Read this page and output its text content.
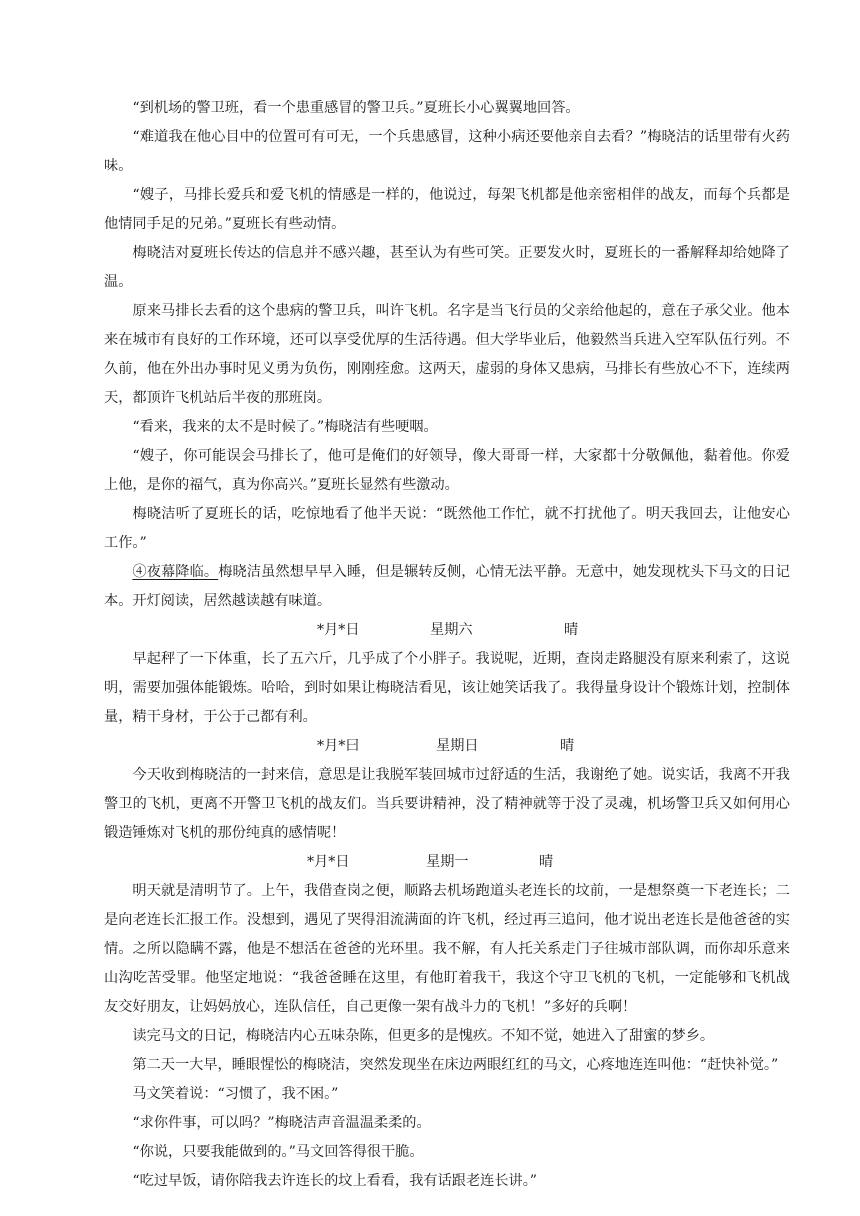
“到机场的警卫班，看一个患重感冒的警卫兵。”夏班长小心翼翼地回答。

“难道我在他心目中的位置可有可无，一个兵患感冒，这种小病还要他亲自去看？”梅晓洁的话里带有火药味。

“嫂子，马排长爱兵和爱飞机的情感是一样的，他说过，每架飞机都是他亲密相伴的战友，而每个兵都是他情同手足的兄弟。”夏班长有些动情。

梅晓洁对夏班长传达的信息并不感兴趣，甚至认为有些可笑。正要发火时，夏班长的一番解释却给她降了温。

原来马排长去看的这个患病的警卫兵，叫许飞机。名字是当飞行员的父亲给他起的，意在子承父业。他本来在城市有良好的工作环境，还可以享受优厚的生活待遇。但大学毕业后，他毅然当兵进入空军队伍行列。不久前，他在外出办事时见义勇为负伤，刚刚痊愈。这两天，虚弱的身体又患病，马排长有些放心不下，连续两天，都顶许飞机站后半夜的那班岗。

“看来，我来的太不是时候了。”梅晓洁有些哽咽。

“嫂子，你可能误会马排长了，他可是俺们的好领导，像大哥哥一样，大家都十分敬佩他，黏着他。你爱上他，是你的福气，真为你高兴。”夏班长显然有些激动。

梅晓洁听了夏班长的话，吃惊地看了他半天说：“既然他工作忙，就不打扰他了。明天我回去，让他安心工作。”

④夜幕降临。梅晓洁虽然想早早入睡，但是辗转反侧，心情无法平静。无意中，她发现枕头下马文的日记本。开灯阅读，居然越读越有味道。

*月*日	星期六	晴

早起秤了一下体重，长了五六斤，几乎成了个小胖子。我说呢，近期，查岗走路腿没有原来利索了，这说明，需要加强体能锻炼。哈哈，到时如果让梅晓洁看见，该让她笑话我了。我得量身设计个锻炼计划，控制体量，精干身材，于公于己都有利。

*月*曰	星期日	晴

今天收到梅晓洁的一封来信，意思是让我脱军装回城市过舒适的生活，我谢绝了她。说实话，我离不开我警卫的飞机，更离不开警卫飞机的战友们。当兵要讲精神，没了精神就等于没了灵魂，机场警卫兵又如何用心锻造锤炼对飞机的那份纯真的感情呢！

*月*日	星期一	晴

明天就是清明节了。上午，我借查岗之便，顺路去机场跑道头老连长的坟前，一是想祭奠一下老连长；二是向老连长汇报工作。没想到，遇见了哭得泪流满面的许飞机，经过再三追问，他才说出老连长是他爸爸的实情。之所以隐瞒不露，他是不想活在爸爸的光环里。我不解，有人托关系走门子往城市部队调，而你却乐意来山沟吃苦受罪。他坚定地说：“我爸爸睡在这里，有他盯着我干，我这个守卫飞机的飞机，一定能够和飞机战友交好朋友，让妈妈放心，连队信任，自己更像一架有战斗力的飞机！”多好的兵啊！

读完马文的日记，梅晓洁内心五味杂陈，但更多的是愧疚。不知不觉，她进入了甜蜜的梦乡。

第二天一大早，睡眼惺忪的梅晓洁，突然发现坐在床边两眼红红的马文，心疼地连连叫他：“赶快补觉。”

马文笑着说：“习惯了，我不困。”

“求你件事，可以吗？”梅晓洁声音温温柔柔的。

“你说，只要我能做到的。”马文回答得很干脆。

“吃过早饭，请你陪我去许连长的坟上看看，我有话跟老连长讲。”
